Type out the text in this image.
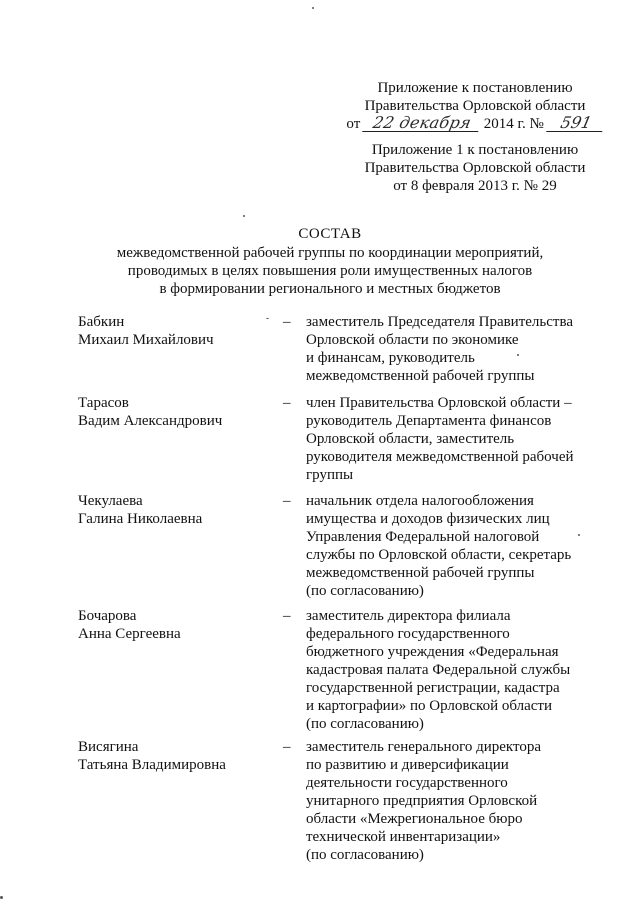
Приложение к постановлению
Правительства Орловской области
от 22 декабря 2014 г. № 591
Приложение 1 к постановлению
Правительства Орловской области
от 8 февраля 2013 г. № 29
СОСТАВ
межведомственной рабочей группы по координации мероприятий,
проводимых в целях повышения роли имущественных налогов
в формировании регионального и местных бюджетов
Бабкин
Михаил Михайлович
– заместитель Председателя Правительства
Орловской области по экономике
и финансам, руководитель
межведомственной рабочей группы
Тарасов
Вадим Александрович
– член Правительства Орловской области –
руководитель Департамента финансов
Орловской области, заместитель
руководителя межведомственной рабочей
группы
Чекулаева
Галина Николаевна
– начальник отдела налогообложения
имущества и доходов физических лиц
Управления Федеральной налоговой
службы по Орловской области, секретарь
межведомственной рабочей группы
(по согласованию)
Бочарова
Анна Сергеевна
– заместитель директора филиала
федерального государственного
бюджетного учреждения «Федеральная
кадастровая палата Федеральной службы
государственной регистрации, кадастра
и картографии» по Орловской области
(по согласованию)
Висягина
Татьяна Владимировна
– заместитель генерального директора
по развитию и диверсификации
деятельности государственного
унитарного предприятия Орловской
области «Межрегиональное бюро
технической инвентаризации»
(по согласованию)
